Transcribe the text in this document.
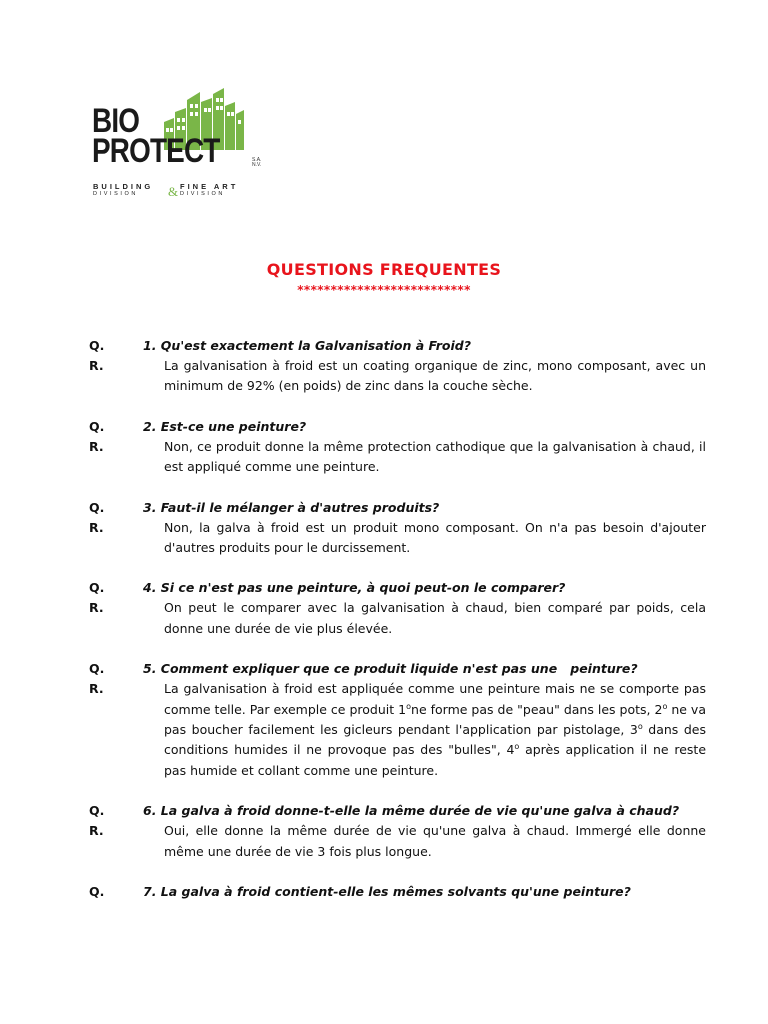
BIO
PROTECT	S.A.
N.V.
BUILDING
DIVISION	& FINE ART
DIVISION
QUESTIONS FREQUENTES
**************************
Q.	1. Qu'est exactement la Galvanisation à Froid?
R.	La galvanisation à froid est un coating organique de zinc, mono composant, avec un minimum de 92% (en poids) de zinc dans la couche sèche.
Q.	2. Est-ce une peinture?
R.	Non, ce produit donne la même protection cathodique que la galvanisation à chaud, il est appliqué comme une peinture.
Q.	3. Faut-il le mélanger à d'autres produits?
R.	Non, la galva à froid est un produit mono composant. On n'a pas besoin d'ajouter d'autres produits pour le durcissement.
Q.	4. Si ce n'est pas une peinture, à quoi peut-on le comparer?
R.	On peut le comparer avec la galvanisation à chaud, bien comparé par poids, cela donne une durée de vie plus élevée.
Q.	5. Comment expliquer que ce produit liquide n'est pas une   peinture?
R.	La galvanisation à froid est appliquée comme une peinture mais ne se comporte pas comme telle. Par exemple ce produit 1$^o$ne forme pas de "peau" dans les pots, 2$^o$ ne va pas boucher facilement les gicleurs pendant l'application par pistolage, 3$^o$ dans des conditions humides il ne provoque pas des "bulles", 4$^o$ après application il ne reste pas humide et collant comme une peinture.
Q.	6. La galva à froid donne-t-elle la même durée de vie qu'une galva à chaud?
R.	Oui, elle donne la même durée de vie qu'une galva à chaud. Immergé elle donne même une durée de vie 3 fois plus longue.
Q.	7. La galva à froid contient-elle les mêmes solvants qu'une peinture?
